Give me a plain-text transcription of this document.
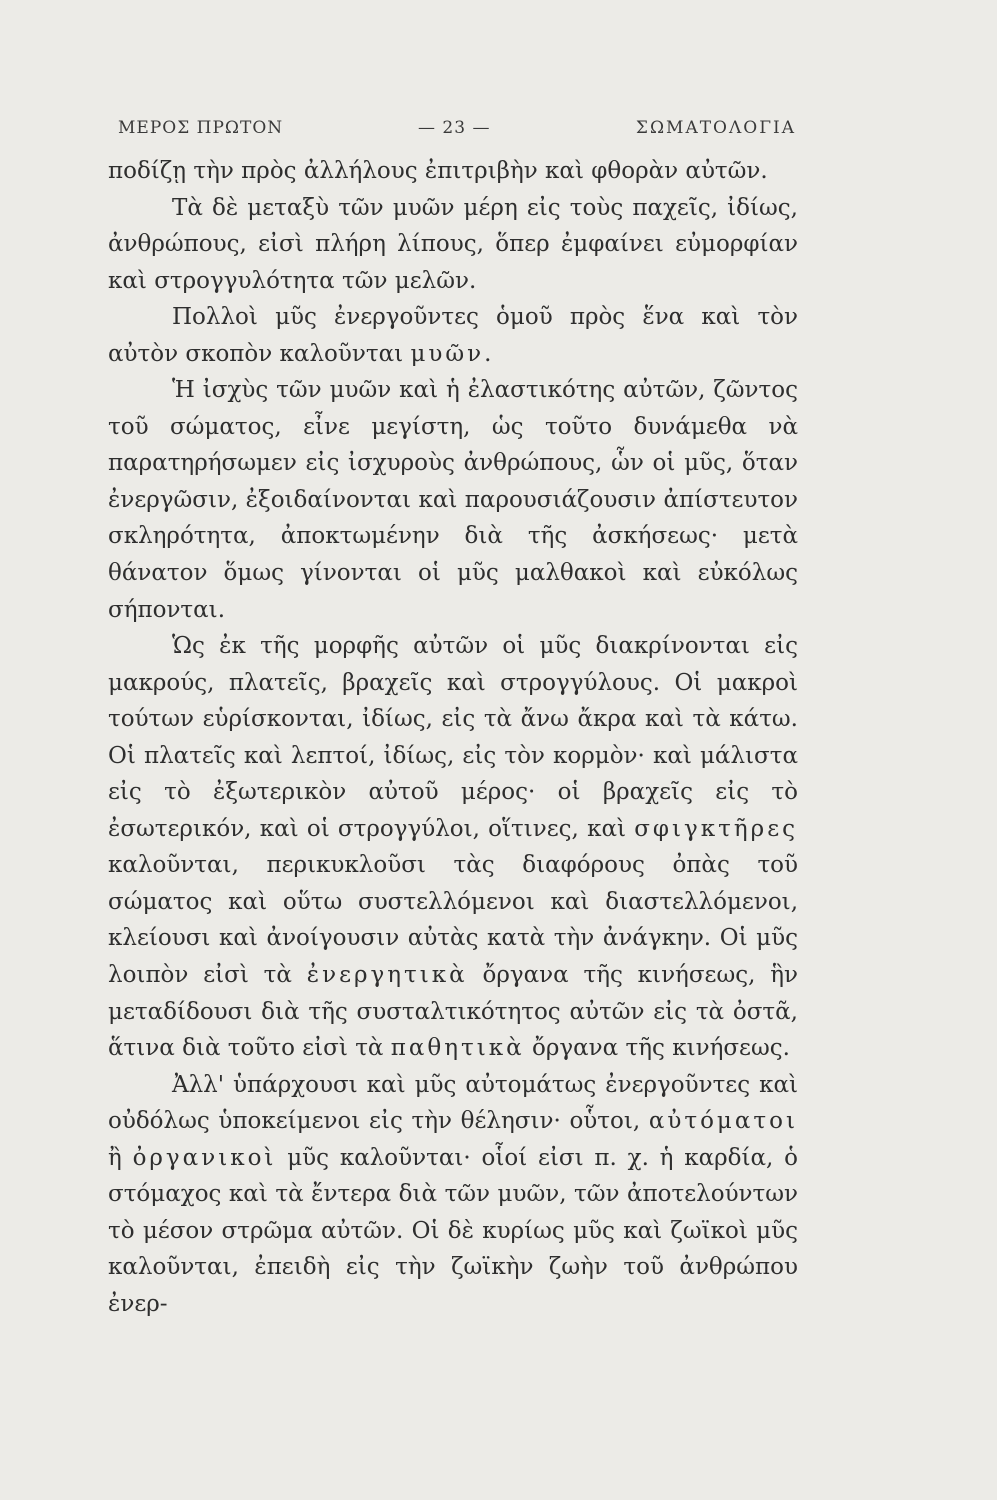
ΜΕΡΟΣ ΠΡΩΤΟΝ	— 23 —	ΣΩΜΑΤΟΛΟΓΙΑ

ποδίζῃ τὴν πρὸς ἀλλήλους ἐπιτριβὴν καὶ φθορὰν αὐτῶν.

Τὰ δὲ μεταξὺ τῶν μυῶν μέρη εἰς τοὺς παχεῖς, ἰδίως, ἀνθρώπους, εἰσὶ πλήρη λίπους, ὅπερ ἐμφαίνει εὐμορφίαν καὶ στρογγυλότητα τῶν μελῶν.

Πολλοὶ μῦς ἐνεργοῦντες ὁμοῦ πρὸς ἕνα καὶ τὸν αὐτὸν σκοπὸν καλοῦνται μυῶν.

Ἡ ἰσχὺς τῶν μυῶν καὶ ἡ ἐλαστικότης αὐτῶν, ζῶντος τοῦ σώματος, εἶνε μεγίστη, ὡς τοῦτο δυνάμεθα νὰ παρατηρήσωμεν εἰς ἰσχυροὺς ἀνθρώπους, ὧν οἱ μῦς, ὅταν ἐνεργῶσιν, ἐξοιδαίνονται καὶ παρουσιάζουσιν ἀπίστευτον σκληρότητα, ἀποκτωμένην διὰ τῆς ἀσκήσεως· μετὰ θάνατον ὅμως γίνονται οἱ μῦς μαλθακοὶ καὶ εὐκόλως σήπονται.

Ὡς ἐκ τῆς μορφῆς αὐτῶν οἱ μῦς διακρίνονται εἰς μακρούς, πλατεῖς, βραχεῖς καὶ στρογγύλους. Οἱ μακροὶ τούτων εὑρίσκονται, ἰδίως, εἰς τὰ ἄνω ἄκρα καὶ τὰ κάτω. Οἱ πλατεῖς καὶ λεπτοί, ἰδίως, εἰς τὸν κορμὸν· καὶ μάλιστα εἰς τὸ ἐξωτερικὸν αὐτοῦ μέρος· οἱ βραχεῖς εἰς τὸ ἐσωτερικόν, καὶ οἱ στρογγύλοι, οἵτινες, καὶ σφιγκτῆρες καλοῦνται, περικυκλοῦσι τὰς διαφόρους ὀπὰς τοῦ σώματος καὶ οὕτω συστελλόμενοι καὶ διαστελλόμενοι, κλείουσι καὶ ἀνοίγουσιν αὐτὰς κατὰ τὴν ἀνάγκην. Οἱ μῦς λοιπὸν εἰσὶ τὰ ἐνεργητικὰ ὄργανα τῆς κινήσεως, ἣν μεταδίδουσι διὰ τῆς συσταλτικότητος αὐτῶν εἰς τὰ ὀστᾶ, ἅτινα διὰ τοῦτο εἰσὶ τὰ παθητικὰ ὄργανα τῆς κινήσεως.

Ἀλλ' ὑπάρχουσι καὶ μῦς αὐτομάτως ἐνεργοῦντες καὶ οὐδόλως ὑποκείμενοι εἰς τὴν θέλησιν· οὗτοι, αὐτόματοι ἢ ὀργανικοὶ μῦς καλοῦνται· οἷοί εἰσι π. χ. ἡ καρδία, ὁ στόμαχος καὶ τὰ ἔντερα διὰ τῶν μυῶν, τῶν ἀποτελούντων τὸ μέσον στρῶμα αὐτῶν. Οἱ δὲ κυρίως μῦς καὶ ζωϊκοὶ μῦς καλοῦνται, ἐπειδὴ εἰς τὴν ζωϊκὴν ζωὴν τοῦ ἀνθρώπου ἐνερ-
